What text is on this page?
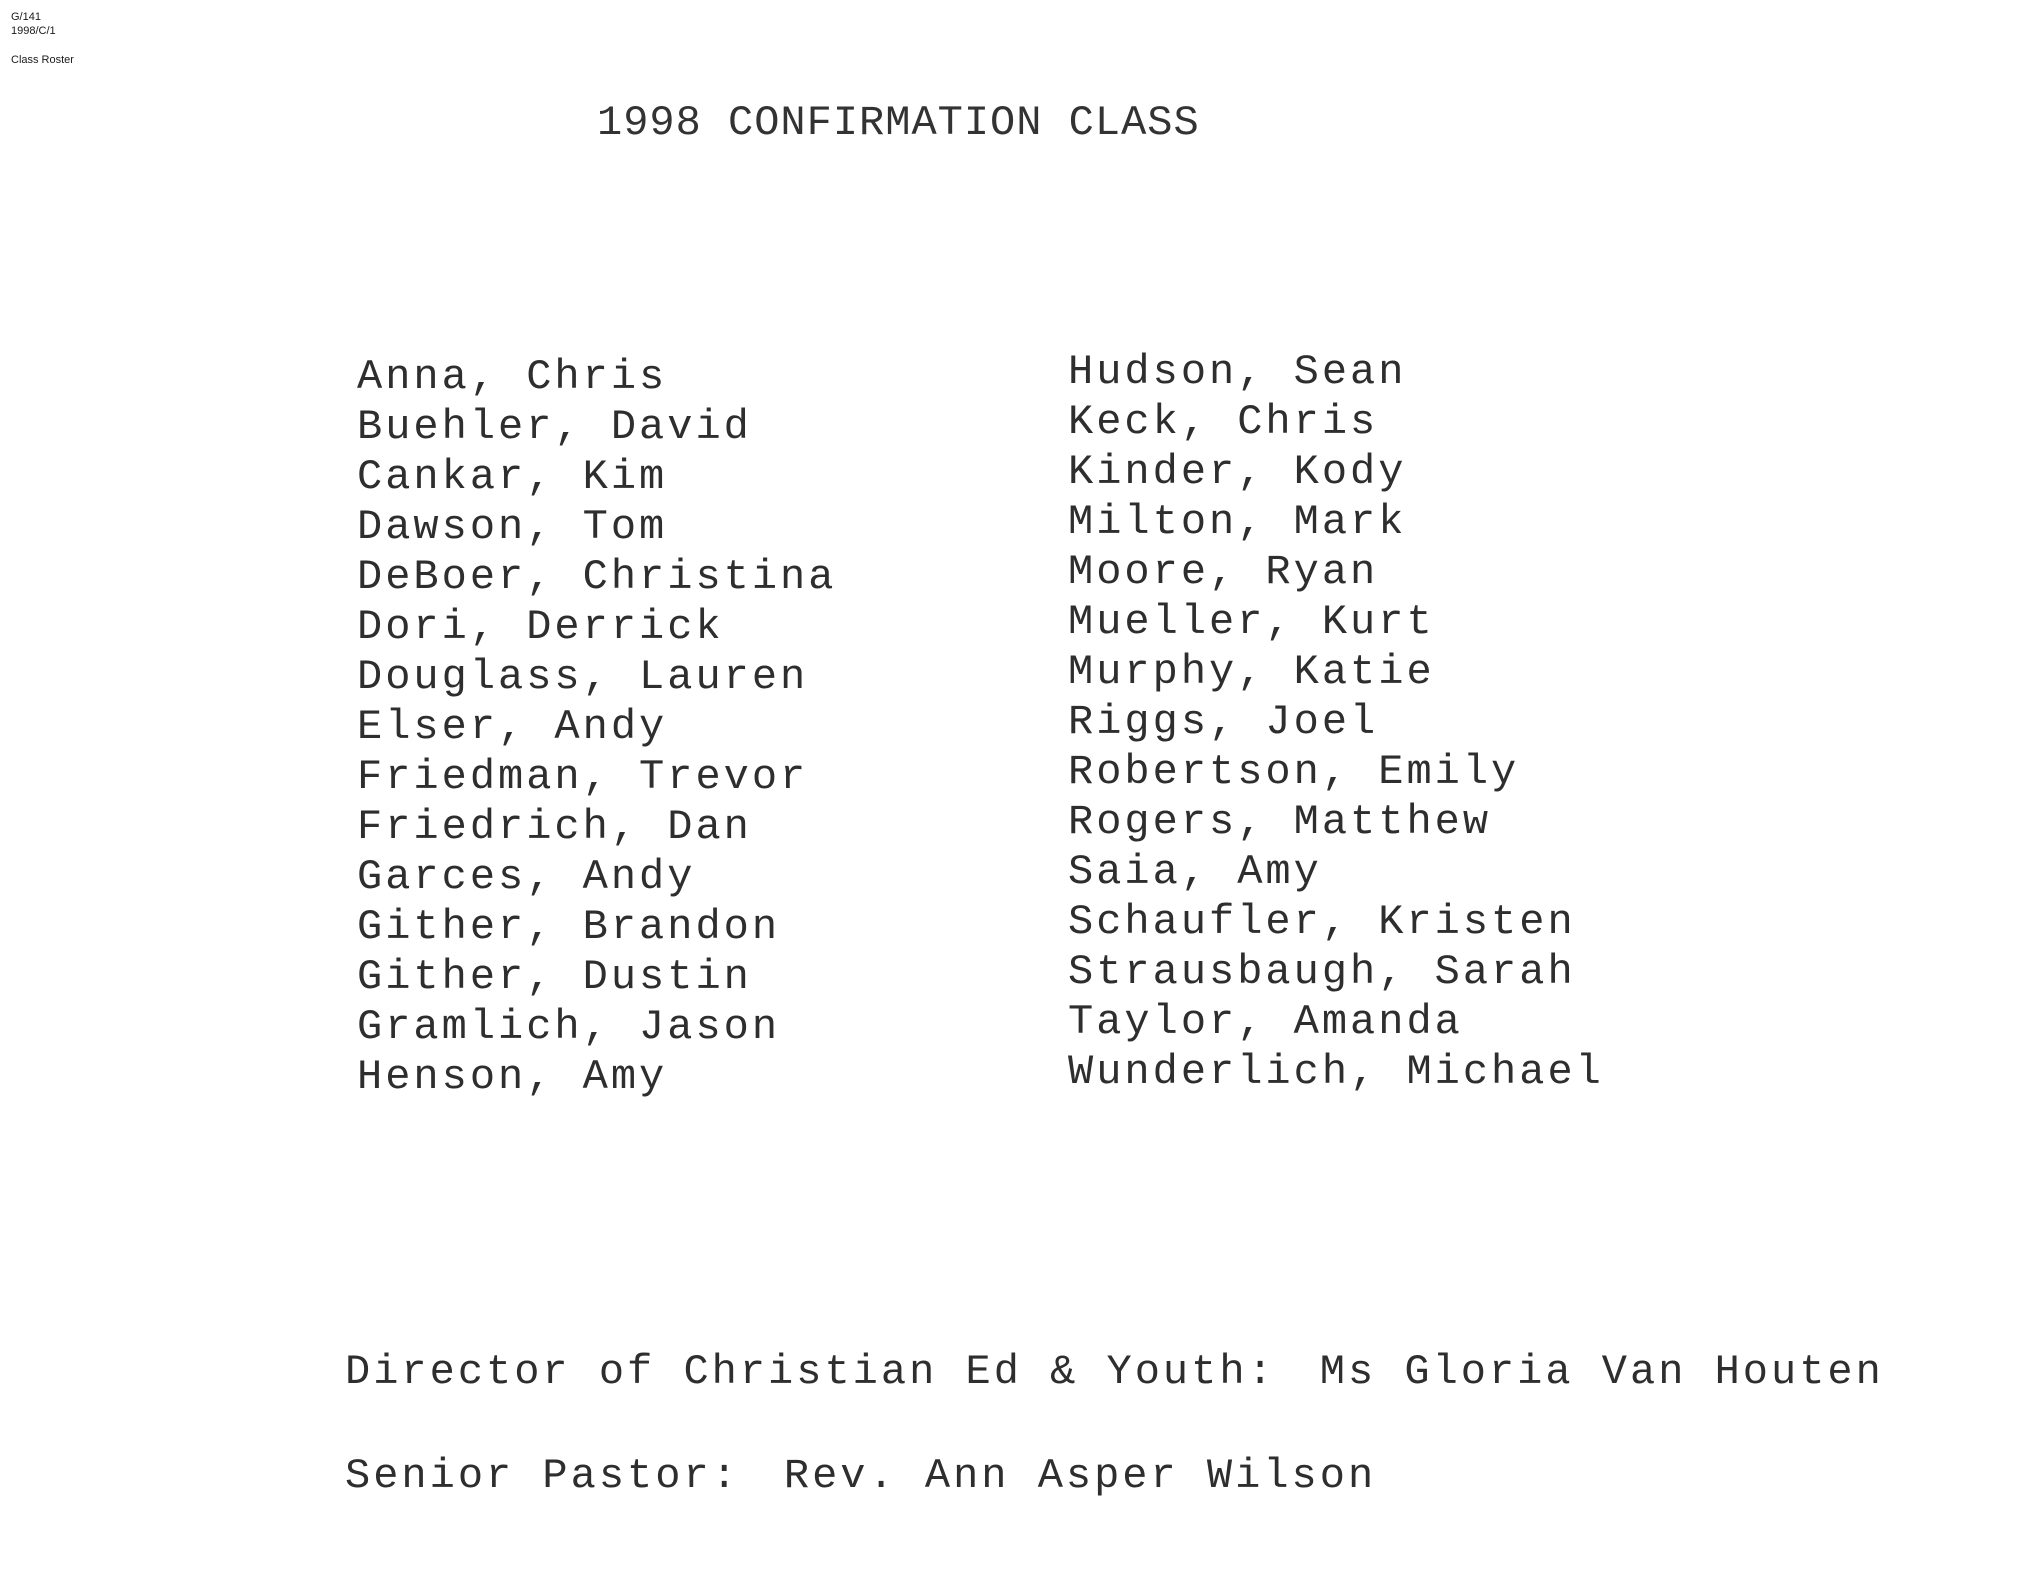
G/141
1998/C/1
Class Roster
1998 CONFIRMATION CLASS
Anna, Chris
Buehler, David
Cankar, Kim
Dawson, Tom
DeBoer, Christina
Dori, Derrick
Douglass, Lauren
Elser, Andy
Friedman, Trevor
Friedrich, Dan
Garces, Andy
Gither, Brandon
Gither, Dustin
Gramlich, Jason
Henson, Amy
Hudson, Sean
Keck, Chris
Kinder, Kody
Milton, Mark
Moore, Ryan
Mueller, Kurt
Murphy, Katie
Riggs, Joel
Robertson, Emily
Rogers, Matthew
Saia, Amy
Schaufler, Kristen
Strausbaugh, Sarah
Taylor, Amanda
Wunderlich, Michael
Director of Christian Ed & Youth: Ms Gloria Van Houten
Senior Pastor: Rev. Ann Asper Wilson
